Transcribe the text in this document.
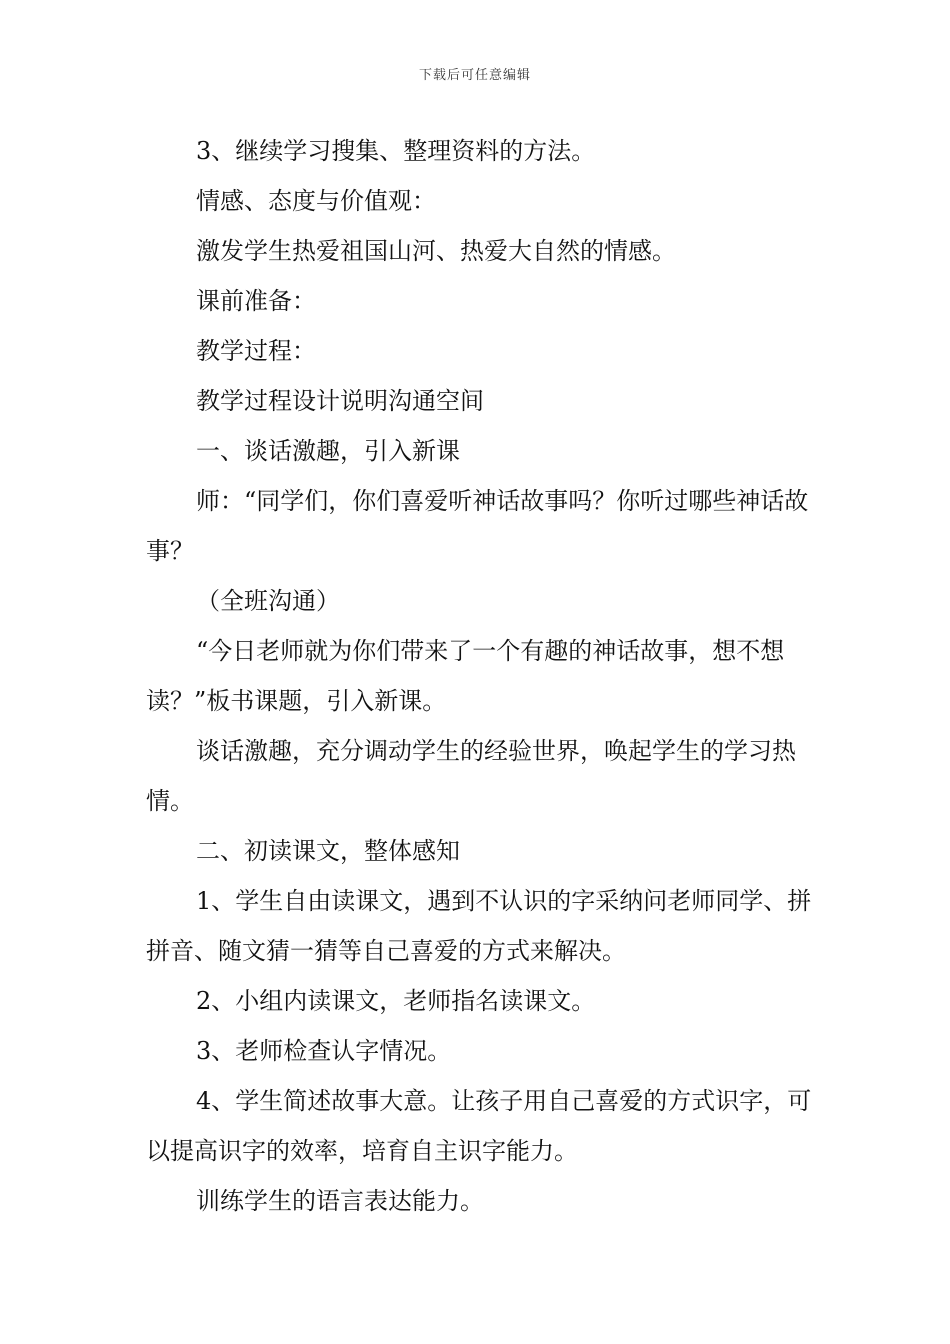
下载后可任意编辑

3、继续学习搜集、整理资料的方法。

情感、态度与价值观：

激发学生热爱祖国山河、热爱大自然的情感。

课前准备：

教学过程：

教学过程设计说明沟通空间

一、谈话激趣，引入新课

师：“同学们，你们喜爱听神话故事吗？你听过哪些神话故事？

（全班沟通）

“今日老师就为你们带来了一个有趣的神话故事，想不想读？”板书课题，引入新课。

谈话激趣，充分调动学生的经验世界，唤起学生的学习热情。

二、初读课文，整体感知

1、学生自由读课文，遇到不认识的字采纳问老师同学、拼拼音、随文猜一猜等自己喜爱的方式来解决。

2、小组内读课文，老师指名读课文。

3、老师检查认字情况。

4、学生简述故事大意。让孩子用自己喜爱的方式识字，可以提高识字的效率，培育自主识字能力。

训练学生的语言表达能力。
